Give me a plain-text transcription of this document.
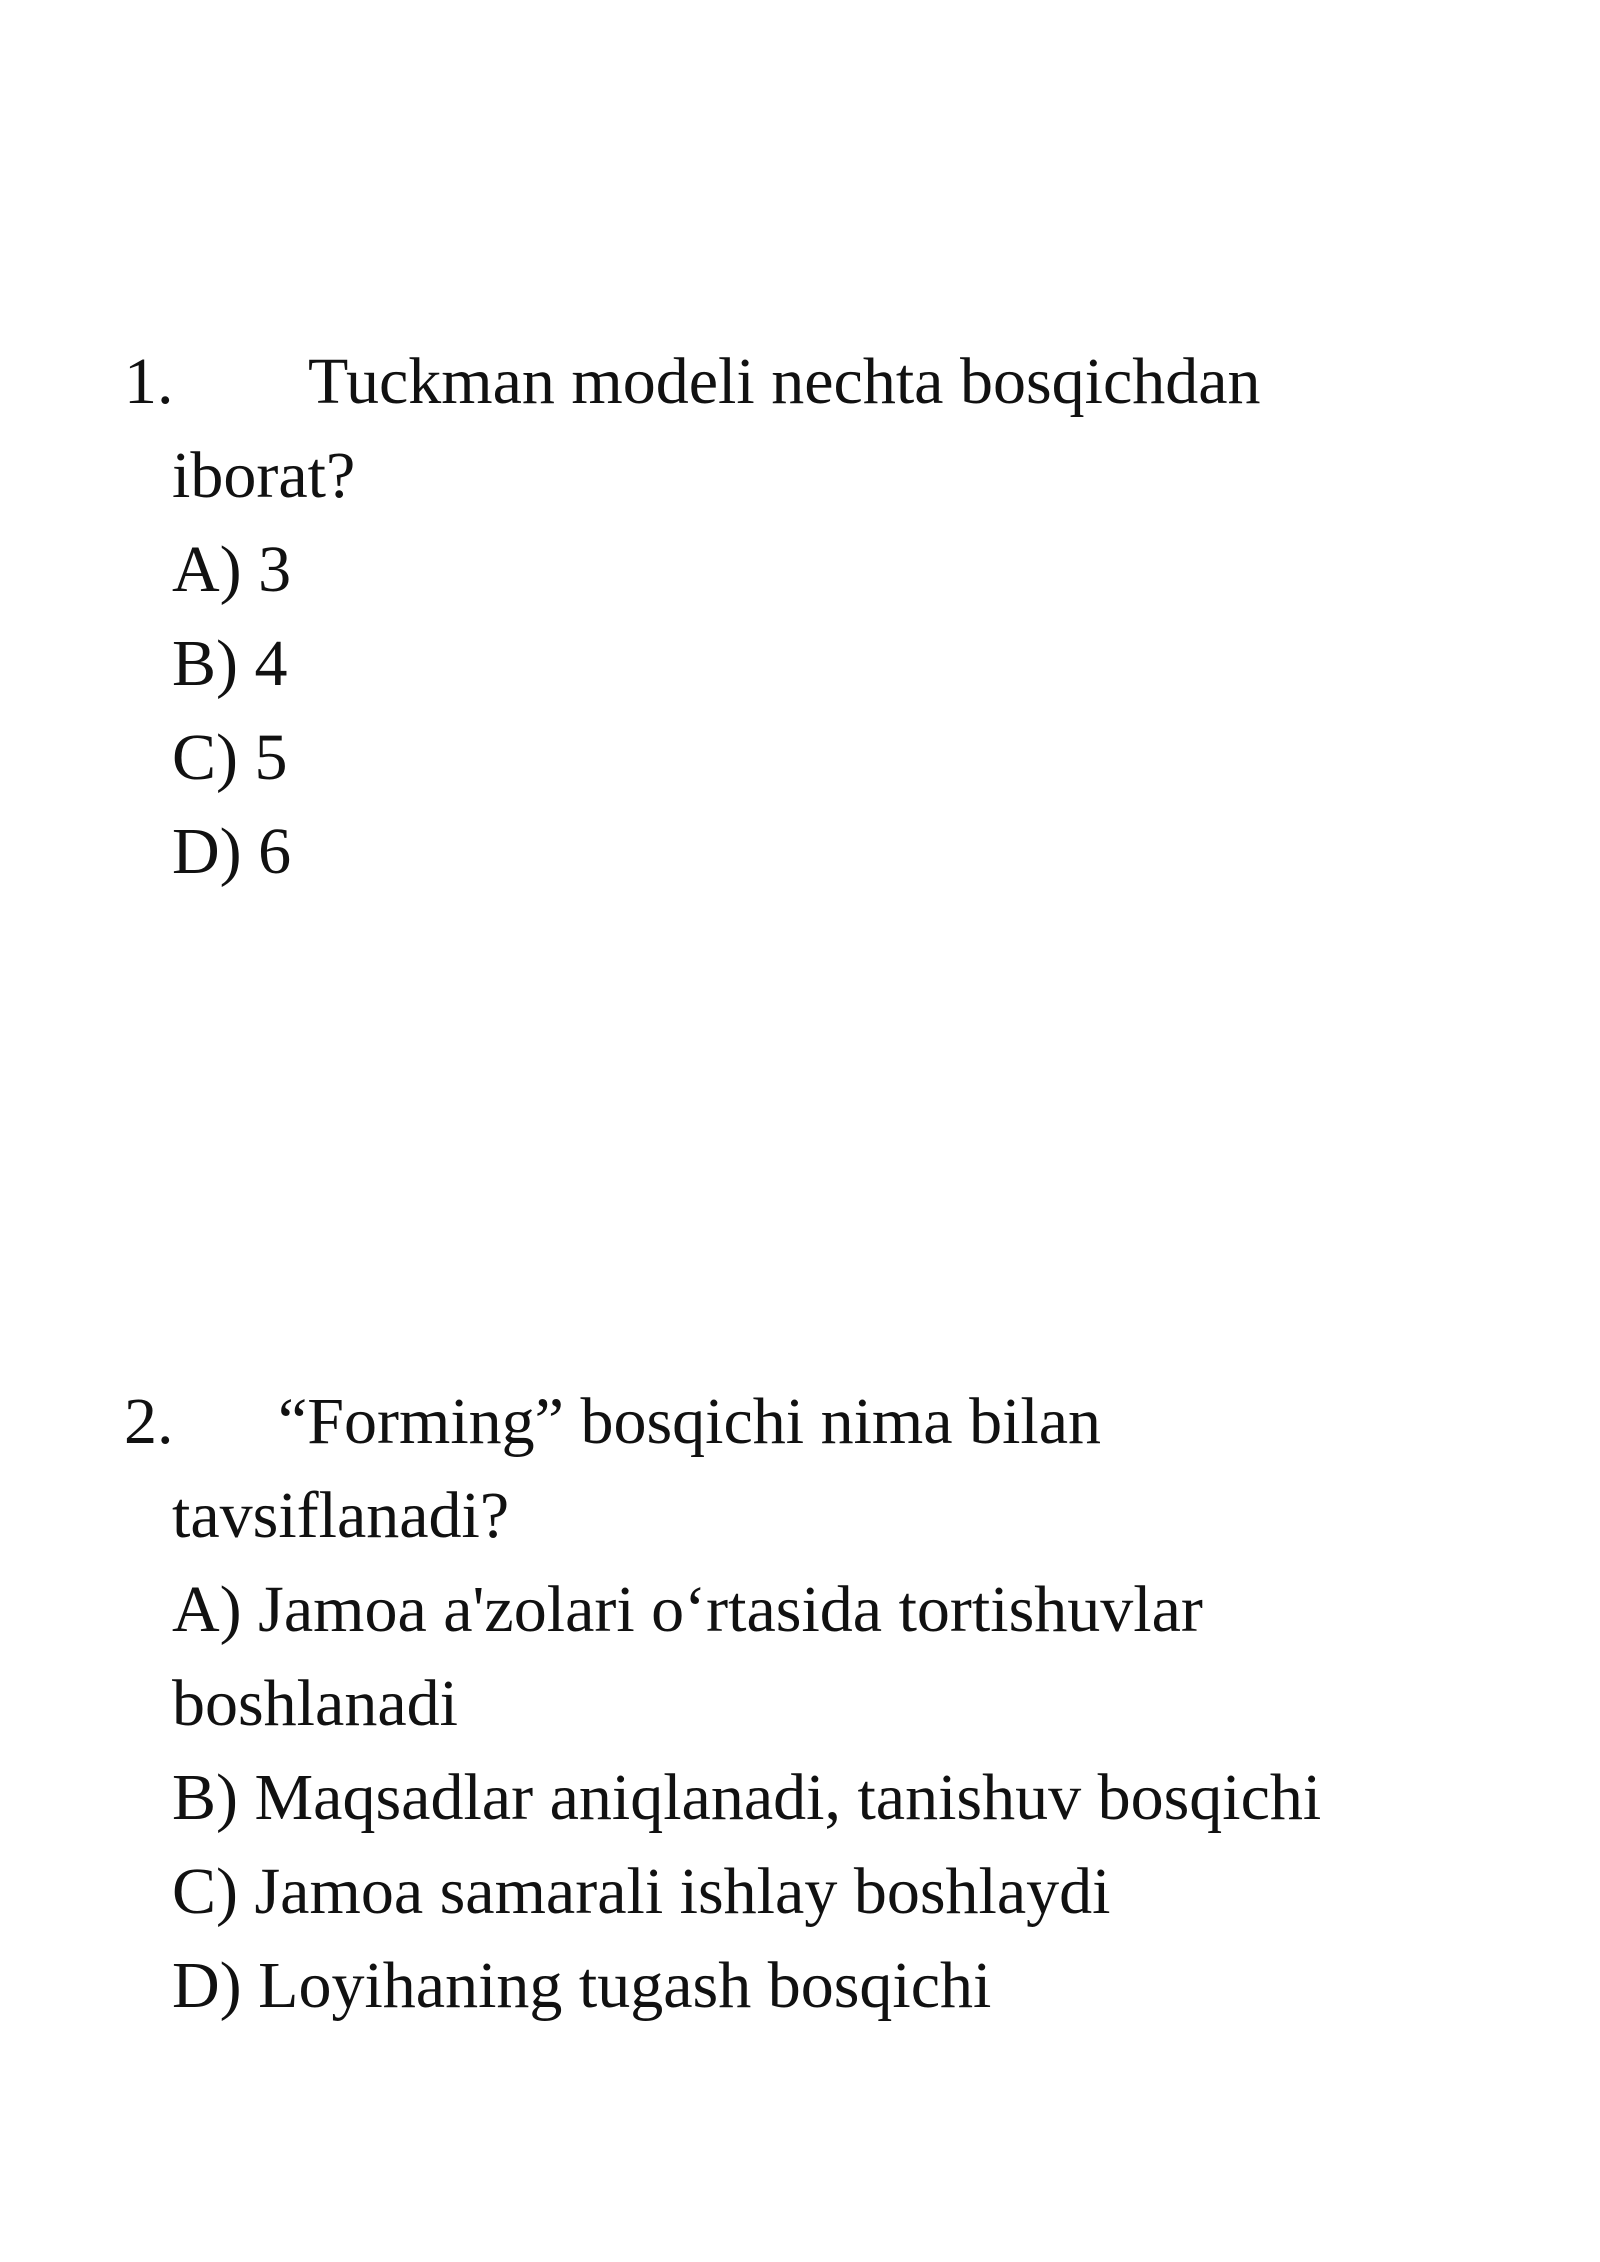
1. Tuckman modeli nechta bosqichdan
iborat?
A) 3
B) 4
C) 5
D) 6
2. “Forming” bosqichi nima bilan
tavsiflanadi?
A) Jamoa a'zolari o‘rtasida tortishuvlar
boshlanadi
B) Maqsadlar aniqlanadi, tanishuv bosqichi
C) Jamoa samarali ishlay boshlaydi
D) Loyihaning tugash bosqichi
